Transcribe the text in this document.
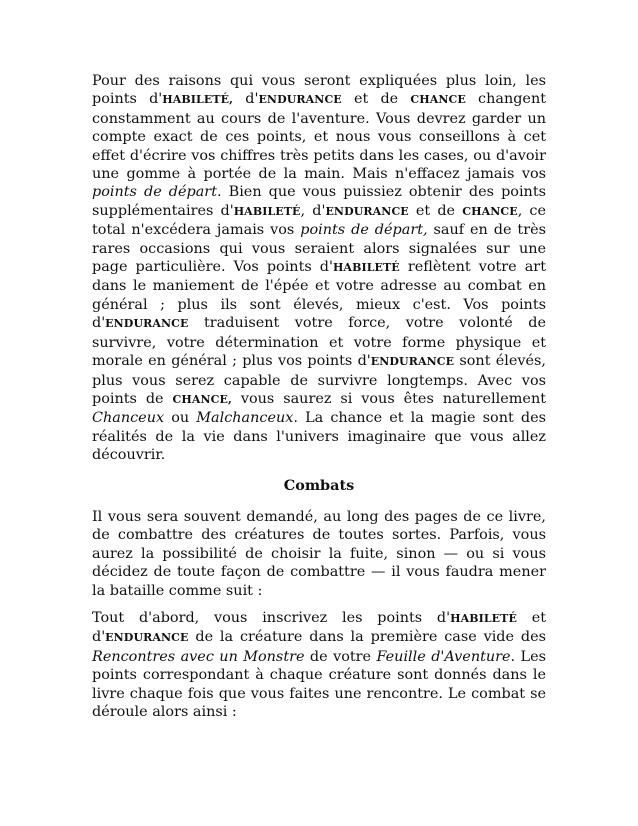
Pour des raisons qui vous seront expliquées plus loin, les points d'HABILETÉ, d'ENDURANCE et de CHANCE changent constamment au cours de l'aventure. Vous devrez garder un compte exact de ces points, et nous vous conseillons à cet effet d'écrire vos chiffres très petits dans les cases, ou d'avoir une gomme à portée de la main. Mais n'effacez jamais vos points de départ. Bien que vous puissiez obtenir des points supplémentaires d'HABILETÉ, d'ENDURANCE et de CHANCE, ce total n'excédera jamais vos points de départ, sauf en de très rares occasions qui vous seraient alors signalées sur une page particulière. Vos points d'HABILETÉ reflètent votre art dans le maniement de l'épée et votre adresse au combat en général ; plus ils sont élevés, mieux c'est. Vos points d'ENDURANCE traduisent votre force, votre volonté de survivre, votre détermination et votre forme physique et morale en général ; plus vos points d'ENDURANCE sont élevés, plus vous serez capable de survivre longtemps. Avec vos points de CHANCE, vous saurez si vous êtes naturellement Chanceux ou Malchanceux. La chance et la magie sont des réalités de la vie dans l'univers imaginaire que vous allez découvrir.

Combats

Il vous sera souvent demandé, au long des pages de ce livre, de combattre des créatures de toutes sortes. Parfois, vous aurez la possibilité de choisir la fuite, sinon — ou si vous décidez de toute façon de combattre — il vous faudra mener la bataille comme suit :

Tout d'abord, vous inscrivez les points d'HABILETÉ et d'ENDURANCE de la créature dans la première case vide des Rencontres avec un Monstre de votre Feuille d'Aventure. Les points correspondant à chaque créature sont donnés dans le livre chaque fois que vous faites une rencontre. Le combat se déroule alors ainsi :
